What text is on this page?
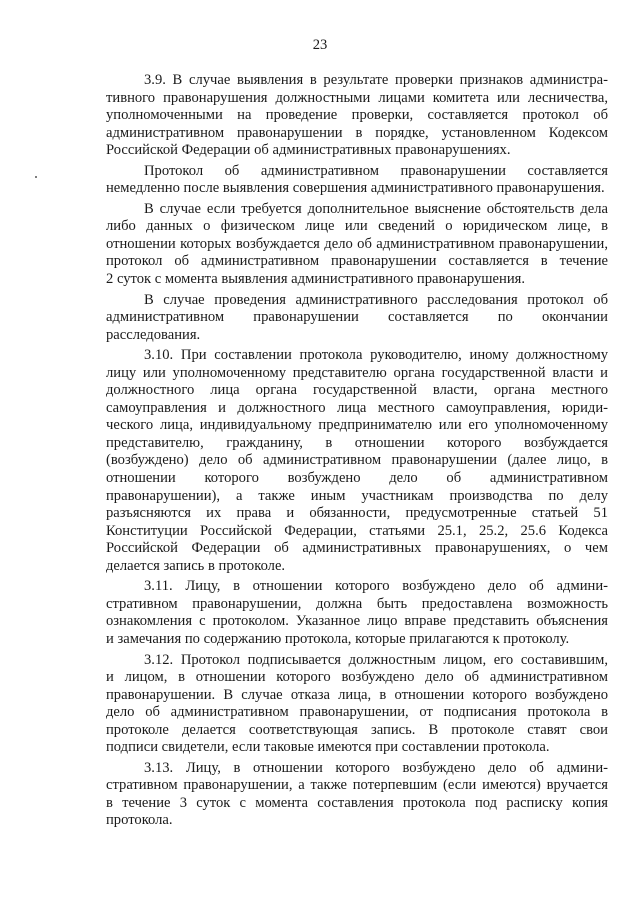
23
3.9. В случае выявления в результате проверки признаков администра-
тивного правонарушения должностными лицами комитета или лесничества,
уполномоченными на проведение проверки, составляется протокол об
административном правонарушении в порядке, установленном Кодексом
Российской Федерации об административных правонарушениях.
Протокол об административном правонарушении составляется
немедленно после выявления совершения административного правонарушения.
В случае если требуется дополнительное выяснение обстоятельств дела
либо данных о физическом лице или сведений о юридическом лице, в
отношении которых возбуждается дело об административном правонарушении,
протокол об административном правонарушении составляется в течение
2 суток с момента выявления административного правонарушения.
В случае проведения административного расследования протокол об
административном правонарушении составляется по окончании
расследования.
3.10. При составлении протокола руководителю, иному должностному
лицу или уполномоченному представителю органа государственной власти и
должностного лица органа государственной власти, органа местного
самоуправления и должностного лица местного самоуправления, юриди-
ческого лица, индивидуальному предпринимателю или его уполномоченному
представителю, гражданину, в отношении которого возбуждается
(возбуждено) дело об административном правонарушении (далее лицо, в
отношении которого возбуждено дело об административном
правонарушении), а также иным участникам производства по делу
разъясняются их права и обязанности, предусмотренные статьей 51
Конституции Российской Федерации, статьями 25.1, 25.2, 25.6 Кодекса
Российской Федерации об административных правонарушениях, о чем
делается запись в протоколе.
3.11. Лицу, в отношении которого возбуждено дело об админи-
стративном правонарушении, должна быть предоставлена возможность
ознакомления с протоколом. Указанное лицо вправе представить объяснения
и замечания по содержанию протокола, которые прилагаются к протоколу.
3.12. Протокол подписывается должностным лицом, его составившим,
и лицом, в отношении которого возбуждено дело об административном
правонарушении. В случае отказа лица, в отношении которого возбуждено
дело об административном правонарушении, от подписания протокола в
протоколе делается соответствующая запись. В протоколе ставят свои
подписи свидетели, если таковые имеются при составлении протокола.
3.13. Лицу, в отношении которого возбуждено дело об админи-
стративном правонарушении, а также потерпевшим (если имеются) вручается
в течение 3 суток с момента составления протокола под расписку копия
протокола.
